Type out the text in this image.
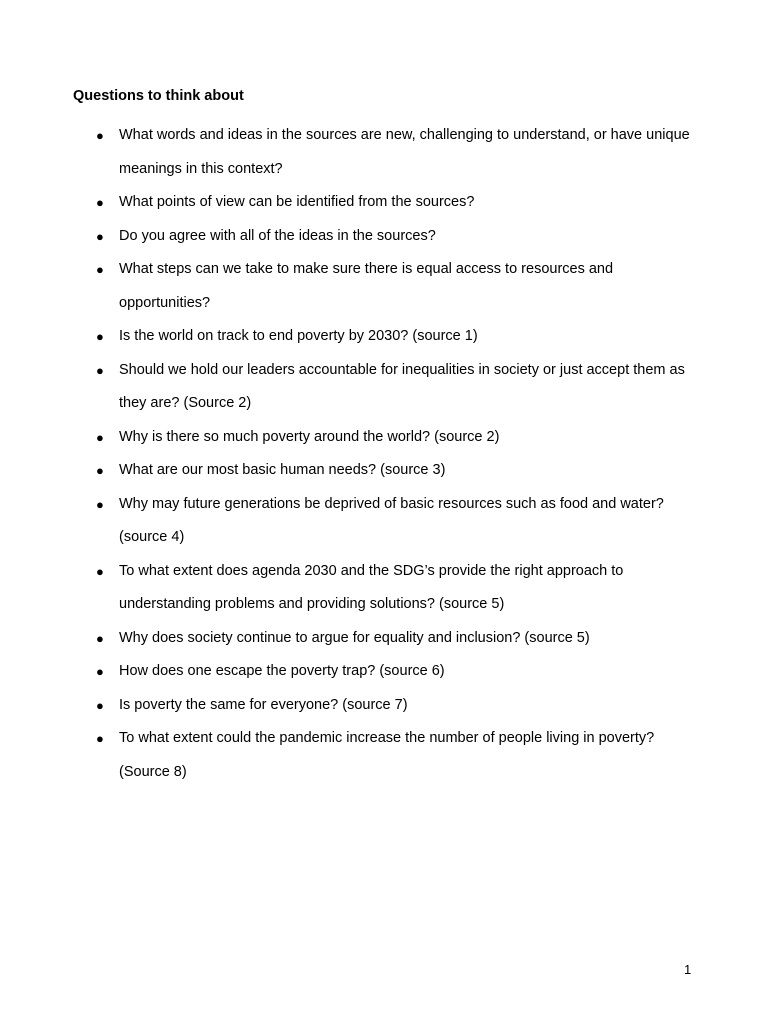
Questions to think about
● What words and ideas in the sources are new, challenging to understand, or have unique meanings in this context?
● What points of view can be identified from the sources?
● Do you agree with all of the ideas in the sources?
● What steps can we take to make sure there is equal access to resources and opportunities?
● Is the world on track to end poverty by 2030? (source 1)
● Should we hold our leaders accountable for inequalities in society or just accept them as they are? (Source 2)
● Why is there so much poverty around the world? (source 2)
● What are our most basic human needs? (source 3)
● Why may future generations be deprived of basic resources such as food and water? (source 4)
● To what extent does agenda 2030 and the SDG’s provide the right approach to understanding problems and providing solutions? (source 5)
● Why does society continue to argue for equality and inclusion? (source 5)
● How does one escape the poverty trap? (source 6)
● Is poverty the same for everyone? (source 7)
● To what extent could the pandemic increase the number of people living in poverty? (Source 8)
1
